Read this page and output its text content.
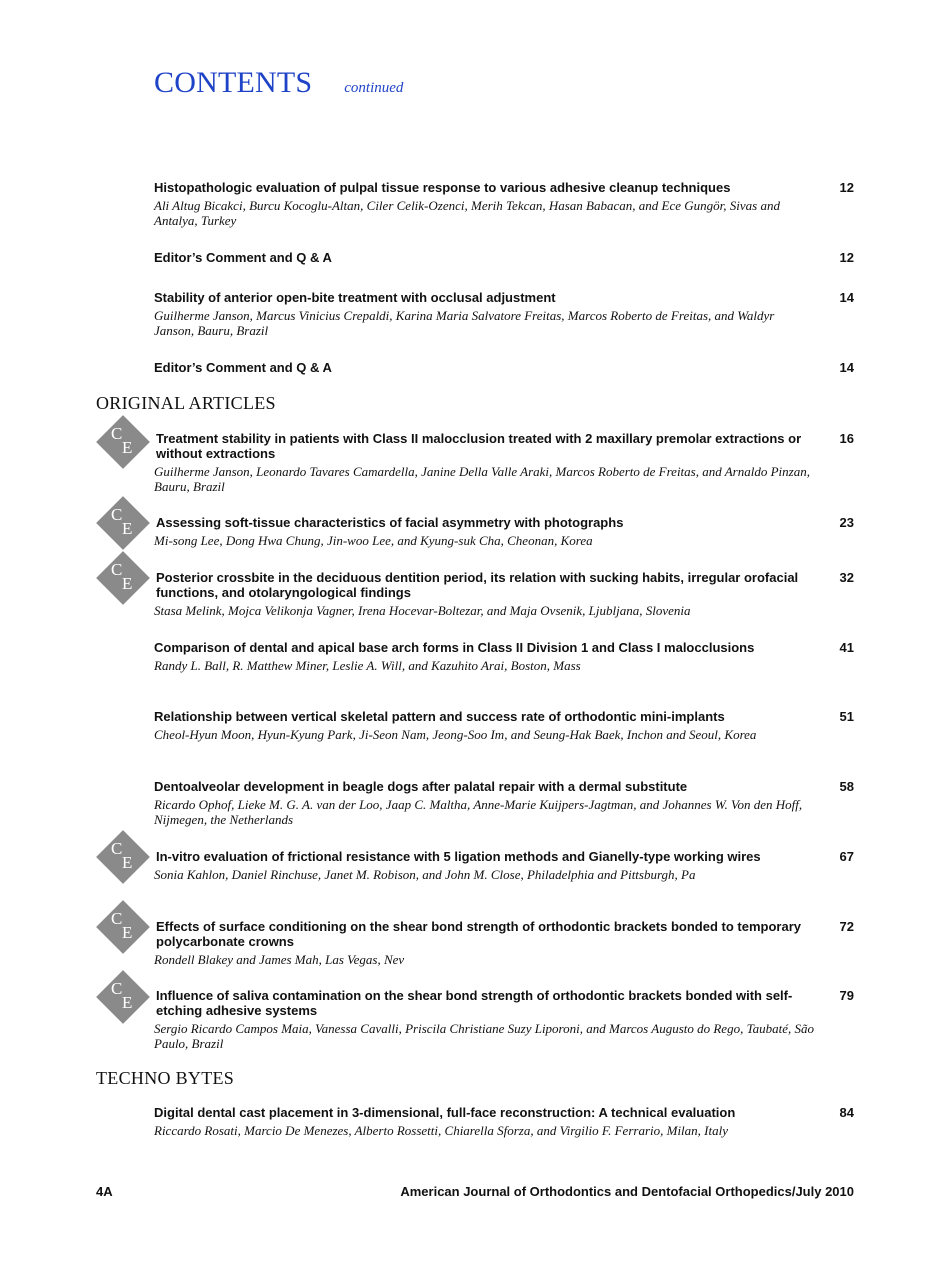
CONTENTS continued
Histopathologic evaluation of pulpal tissue response to various adhesive cleanup techniques	12
Ali Altug Bicakci, Burcu Kocoglu-Altan, Ciler Celik-Ozenci, Merih Tekcan, Hasan Babacan, and Ece Gungör, Sivas and Antalya, Turkey
Editor’s Comment and Q & A	12
Stability of anterior open-bite treatment with occlusal adjustment	14
Guilherme Janson, Marcus Vinicius Crepaldi, Karina Maria Salvatore Freitas, Marcos Roberto de Freitas, and Waldyr Janson, Bauru, Brazil
Editor’s Comment and Q & A	14
ORIGINAL ARTICLES
C
E Treatment stability in patients with Class II malocclusion treated with 2 maxillary premolar extractions or without extractions
16
Guilherme Janson, Leonardo Tavares Camardella, Janine Della Valle Araki, Marcos Roberto de Freitas, and Arnaldo Pinzan, Bauru, Brazil
C
E Assessing soft-tissue characteristics of facial asymmetry with photographs	23
Mi-song Lee, Dong Hwa Chung, Jin-woo Lee, and Kyung-suk Cha, Cheonan, Korea
C
E Posterior crossbite in the deciduous dentition period, its relation with sucking habits, irregular orofacial functions, and otolaryngological findings
32
Stasa Melink, Mojca Velikonja Vagner, Irena Hocevar-Boltezar, and Maja Ovsenik, Ljubljana, Slovenia
Comparison of dental and apical base arch forms in Class II Division 1 and Class I malocclusions	41
Randy L. Ball, R. Matthew Miner, Leslie A. Will, and Kazuhito Arai, Boston, Mass
Relationship between vertical skeletal pattern and success rate of orthodontic mini-implants	51
Cheol-Hyun Moon, Hyun-Kyung Park, Ji-Seon Nam, Jeong-Soo Im, and Seung-Hak Baek, Inchon and Seoul, Korea
Dentoalveolar development in beagle dogs after palatal repair with a dermal substitute	58
Ricardo Ophof, Lieke M. G. A. van der Loo, Jaap C. Maltha, Anne-Marie Kuijpers-Jagtman, and Johannes W. Von den Hoff, Nijmegen, the Netherlands
C
E In-vitro evaluation of frictional resistance with 5 ligation methods and Gianelly-type working wires	67
Sonia Kahlon, Daniel Rinchuse, Janet M. Robison, and John M. Close, Philadelphia and Pittsburgh, Pa
C
E Effects of surface conditioning on the shear bond strength of orthodontic brackets bonded to temporary polycarbonate crowns
72
Rondell Blakey and James Mah, Las Vegas, Nev
C
E Influence of saliva contamination on the shear bond strength of orthodontic brackets bonded with self-etching adhesive systems
79
Sergio Ricardo Campos Maia, Vanessa Cavalli, Priscila Christiane Suzy Liporoni, and Marcos Augusto do Rego, Taubaté, São Paulo, Brazil
TECHNO BYTES
Digital dental cast placement in 3-dimensional, full-face reconstruction: A technical evaluation	84
Riccardo Rosati, Marcio De Menezes, Alberto Rossetti, Chiarella Sforza, and Virgilio F. Ferrario, Milan, Italy
4A	American Journal of Orthodontics and Dentofacial Orthopedics/July 2010
